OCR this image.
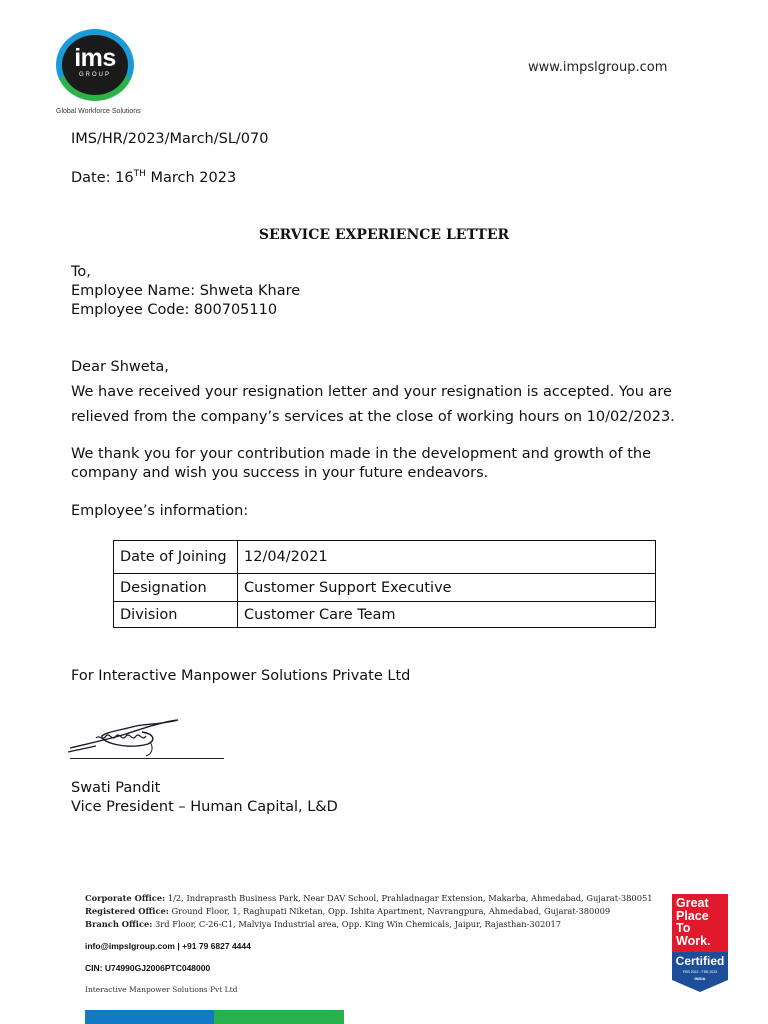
ims
GROUP
Global Workforce Solutions
www.impslgroup.com
IMS/HR/2023/March/SL/070
Date: 16TH March 2023
SERVICE EXPERIENCE LETTER
To,
Employee Name: Shweta Khare
Employee Code: 800705110
Dear Shweta,
We have received your resignation letter and your resignation is accepted. You are
relieved from the company’s services at the close of working hours on 10/02/2023.
We thank you for your contribution made in the development and growth of the
company and wish you success in your future endeavors.
Employee’s information:
Date of Joining	12/04/2021
Designation	Customer Support Executive
Division	Customer Care Team
For Interactive Manpower Solutions Private Ltd
Swati Pandit
Vice President – Human Capital, L&D
Corporate Office: 1/2, Indraprasth Business Park, Near DAV School, Prahladnagar Extension, Makarba, Ahmedabad, Gujarat-380051
Registered Office: Ground Floor, 1, Raghupati Niketan, Opp. Ishita Apartment, Navrangpura, Ahmedabad, Gujarat-380009
Branch Office: 3rd Floor, C-26-C1, Malviya Industrial area, Opp. King Win Chemicals, Jaipur, Rajasthan-302017
info@impslgroup.com | +91 79 6827 4444
CIN: U74990GJ2006PTC048000
Interactive Manpower Solutions Pvt Ltd
Great
Place
To
Work.
Certified
FEB 2022 - FEB 2023
INDIA
